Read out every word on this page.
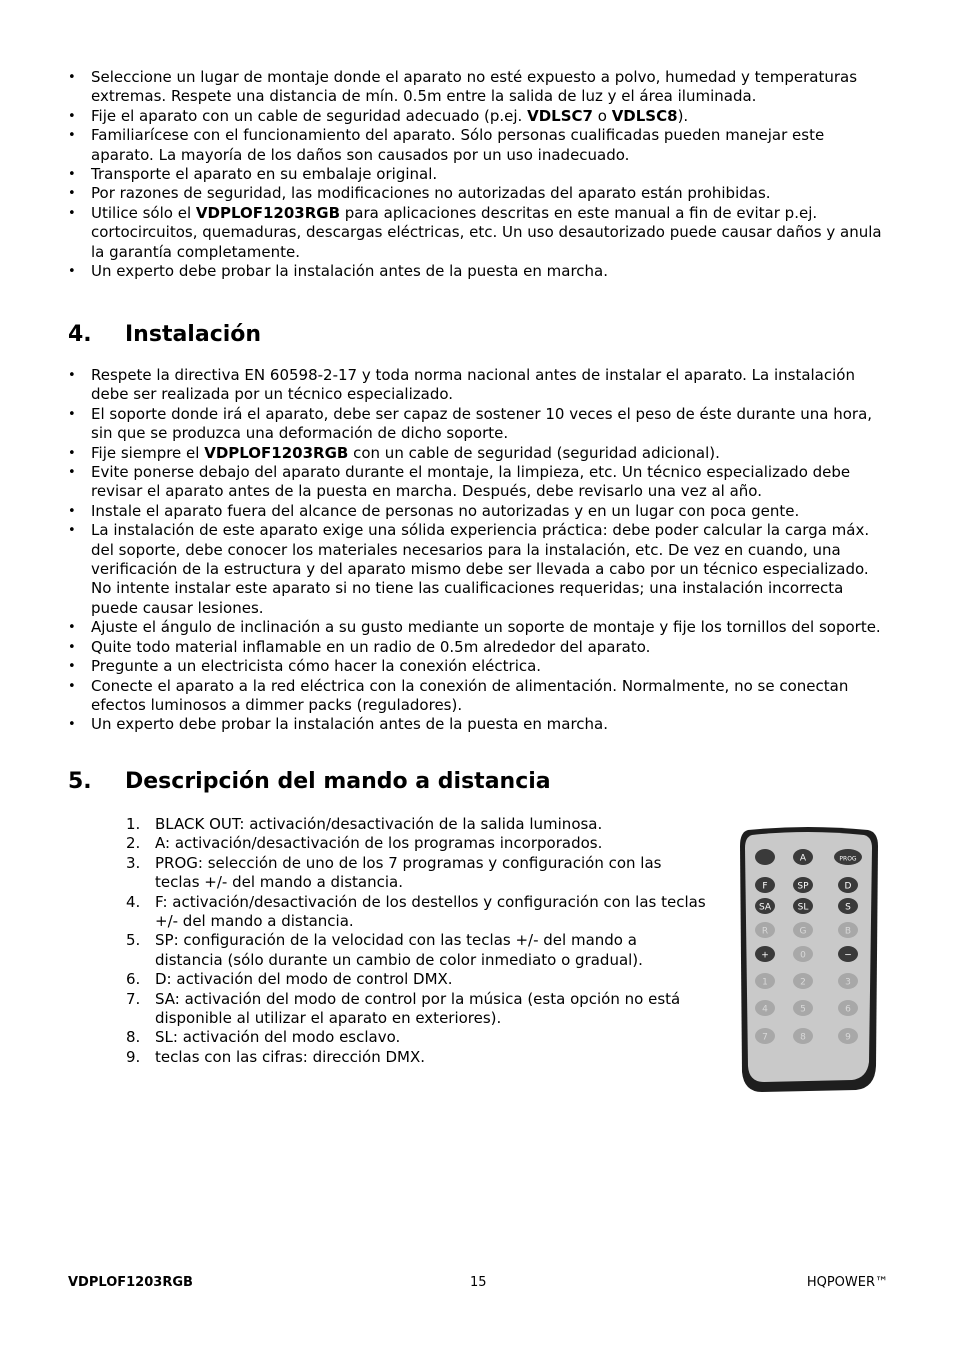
• Seleccione un lugar de montaje donde el aparato no esté expuesto a polvo, humedad y temperaturas extremas. Respete una distancia de mín. 0.5m entre la salida de luz y el área iluminada.
• Fije el aparato con un cable de seguridad adecuado (p.ej. VDLSC7 o VDLSC8).
• Familiarícese con el funcionamiento del aparato. Sólo personas cualificadas pueden manejar este aparato. La mayoría de los daños son causados por un uso inadecuado.
• Transporte el aparato en su embalaje original.
• Por razones de seguridad, las modificaciones no autorizadas del aparato están prohibidas.
• Utilice sólo el VDPLOF1203RGB para aplicaciones descritas en este manual a fin de evitar p.ej. cortocircuitos, quemaduras, descargas eléctricas, etc. Un uso desautorizado puede causar daños y anula la garantía completamente.
• Un experto debe probar la instalación antes de la puesta en marcha.
4. Instalación
• Respete la directiva EN 60598-2-17 y toda norma nacional antes de instalar el aparato. La instalación debe ser realizada por un técnico especializado.
• El soporte donde irá el aparato, debe ser capaz de sostener 10 veces el peso de éste durante una hora, sin que se produzca una deformación de dicho soporte.
• Fije siempre el VDPLOF1203RGB con un cable de seguridad (seguridad adicional).
• Evite ponerse debajo del aparato durante el montaje, la limpieza, etc. Un técnico especializado debe revisar el aparato antes de la puesta en marcha. Después, debe revisarlo una vez al año.
• Instale el aparato fuera del alcance de personas no autorizadas y en un lugar con poca gente.
• La instalación de este aparato exige una sólida experiencia práctica: debe poder calcular la carga máx. del soporte, debe conocer los materiales necesarios para la instalación, etc. De vez en cuando, una verificación de la estructura y del aparato mismo debe ser llevada a cabo por un técnico especializado. No intente instalar este aparato si no tiene las cualificaciones requeridas; una instalación incorrecta puede causar lesiones.
• Ajuste el ángulo de inclinación a su gusto mediante un soporte de montaje y fije los tornillos del soporte.
• Quite todo material inflamable en un radio de 0.5m alrededor del aparato.
• Pregunte a un electricista cómo hacer la conexión eléctrica.
• Conecte el aparato a la red eléctrica con la conexión de alimentación. Normalmente, no se conectan efectos luminosos a dimmer packs (reguladores).
• Un experto debe probar la instalación antes de la puesta en marcha.
5. Descripción del mando a distancia
1. BLACK OUT: activación/desactivación de la salida luminosa.
2. A: activación/desactivación de los programas incorporados.
3. PROG: selección de uno de los 7 programas y configuración con las teclas +/- del mando a distancia.
4. F: activación/desactivación de los destellos y configuración con las teclas +/- del mando a distancia.
5. SP: configuración de la velocidad con las teclas +/- del mando a distancia (sólo durante un cambio de color inmediato o gradual).
6. D: activación del modo de control DMX.
7. SA: activación del modo de control por la música (esta opción no está disponible al utilizar el aparato en exteriores).
8. SL: activación del modo esclavo.
9. teclas con las cifras: dirección DMX.
A	PROG
F	SP	D
SA	SL	S
R	G	B
+	0	−
1	2	3
4	5	6
7	8	9
VDPLOF1203RGB	15	HQPOWER™
